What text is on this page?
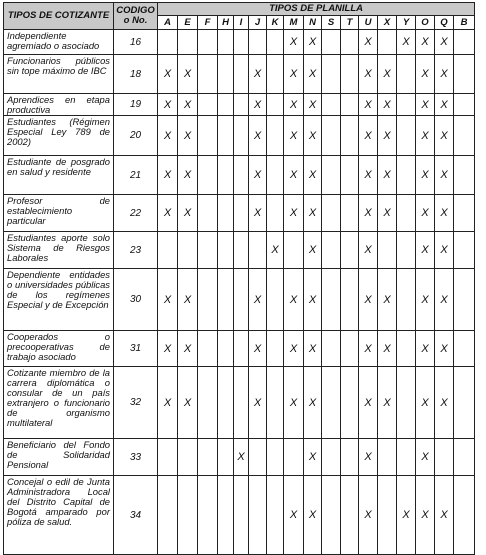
TIPOS DE COTIZANTE	CODIGO o No.	TIPOS DE PLANILLA																
		A	E	F	H	I	J	K	M	N	S	T	U	X	Y	O	Q	B
Independiente agremiado o asociado	16								X	X			X		X	X	X	
Funcionarios públicos sin tope máximo de IBC	18	X	X				X		X	X			X	X		X	X	
Aprendices en etapa productiva	19	X	X				X		X	X			X	X		X	X	
Estudiantes (Régimen Especial Ley 789 de 2002)	20	X	X				X		X	X			X	X		X	X	
Estudiante de posgrado en salud y residente	21	X	X				X		X	X			X	X		X	X	
Profesor de establecimiento particular	22	X	X				X		X	X			X	X		X	X	
Estudiantes aporte solo Sistema de Riesgos Laborales	23							X		X			X			X	X	
Dependiente entidades o universidades públicas de los regímenes Especial y de Excepción	30	X	X				X		X	X			X	X		X	X	
Cooperados o precooperativas de trabajo asociado	31	X	X				X		X	X			X	X		X	X	
Cotizante miembro de la carrera diplomática o consular de un país extranjero o funcionario de organismo multilateral	32	X	X				X		X	X			X	X		X	X	
Beneficiario del Fondo de Solidaridad Pensional	33					X				X			X			X		
Concejal o edil de Junta Administradora Local del Distrito Capital de Bogotá amparado por póliza de salud.	34								X	X			X		X	X	X	
